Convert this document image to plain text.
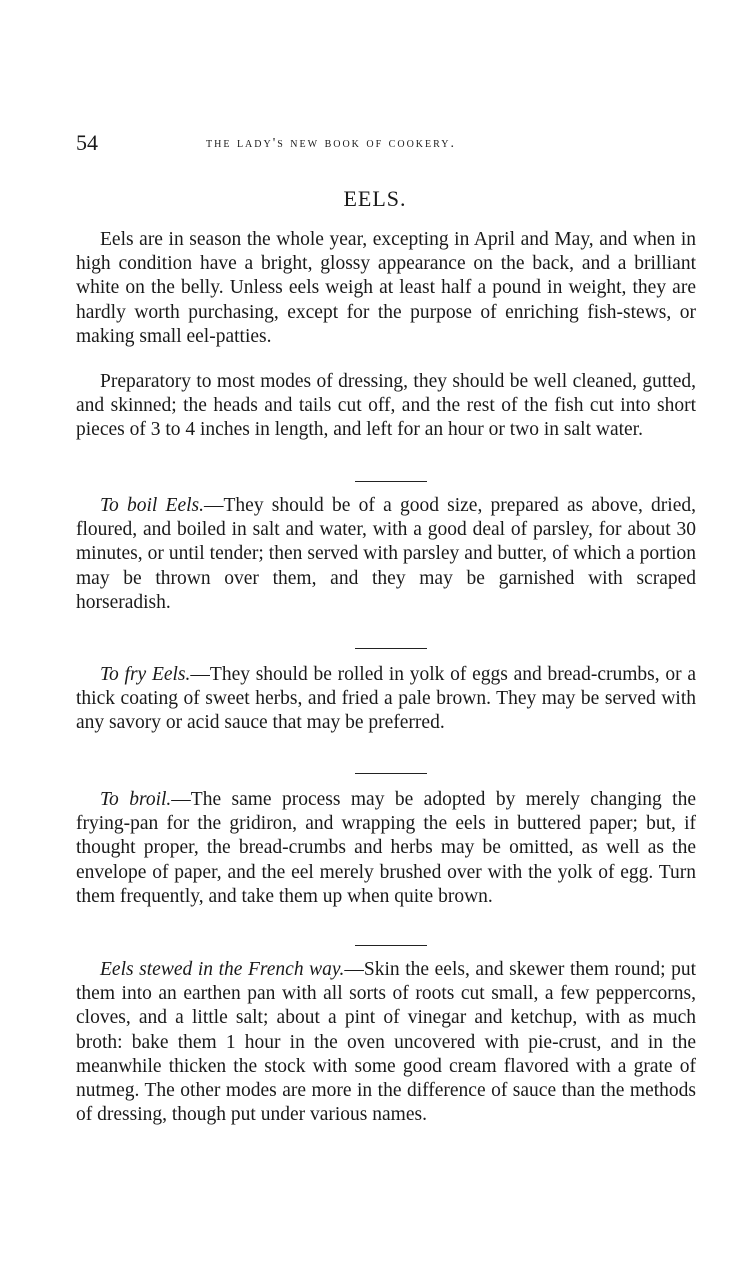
54	the lady's new book of cookery.
EELS.

Eels are in season the whole year, excepting in April and May, and when in high condition have a bright, glossy appearance on the back, and a brilliant white on the belly. Unless eels weigh at least half a pound in weight, they are hardly worth purchasing, except for the purpose of enriching fish-stews, or making small eel-patties.

Preparatory to most modes of dressing, they should be well cleaned, gutted, and skinned; the heads and tails cut off, and the rest of the fish cut into short pieces of 3 to 4 inches in length, and left for an hour or two in salt water.

To boil Eels.—They should be of a good size, prepared as above, dried, floured, and boiled in salt and water, with a good deal of parsley, for about 30 minutes, or until tender; then served with parsley and butter, of which a portion may be thrown over them, and they may be garnished with scraped horseradish.

To fry Eels.—They should be rolled in yolk of eggs and bread-crumbs, or a thick coating of sweet herbs, and fried a pale brown. They may be served with any savory or acid sauce that may be preferred.

To broil.—The same process may be adopted by merely changing the frying-pan for the gridiron, and wrapping the eels in buttered paper; but, if thought proper, the bread-crumbs and herbs may be omitted, as well as the envelope of paper, and the eel merely brushed over with the yolk of egg. Turn them frequently, and take them up when quite brown.

Eels stewed in the French way.—Skin the eels, and skewer them round; put them into an earthen pan with all sorts of roots cut small, a few peppercorns, cloves, and a little salt; about a pint of vinegar and ketchup, with as much broth: bake them 1 hour in the oven uncovered with pie-crust, and in the meanwhile thicken the stock with some good cream flavored with a grate of nutmeg. The other modes are more in the difference of sauce than the methods of dressing, though put under various names.
